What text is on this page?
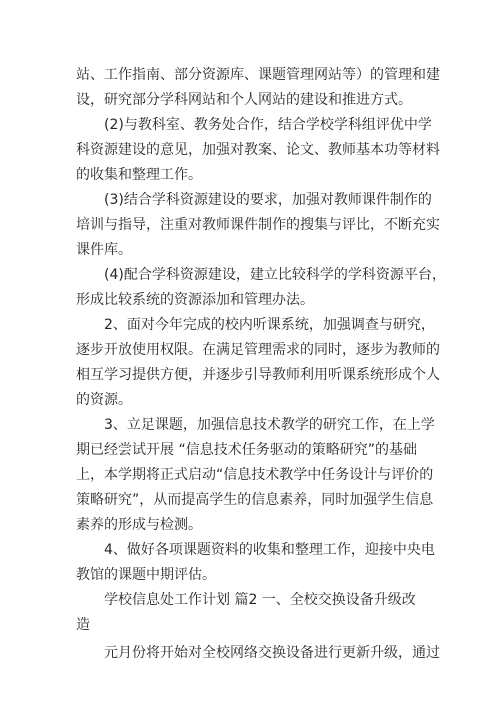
站、工作指南、部分资源库、课题管理网站等）的管理和建
设，研究部分学科网站和个人网站的建设和推进方式。
(2)与教科室、教务处合作，结合学校学科组评优中学
科资源建设的意见，加强对教案、论文、教师基本功等材料
的收集和整理工作。
(3)结合学科资源建设的要求，加强对教师课件制作的
培训与指导，注重对教师课件制作的搜集与评比，不断充实
课件库。
(4)配合学科资源建设，建立比较科学的学科资源平台，
形成比较系统的资源添加和管理办法。
2、面对今年完成的校内听课系统，加强调查与研究，
逐步开放使用权限。在满足管理需求的同时，逐步为教师的
相互学习提供方便，并逐步引导教师利用听课系统形成个人
的资源。
3、立足课题，加强信息技术教学的研究工作，在上学
期已经尝试开展 “信息技术任务驱动的策略研究”的基础
上，本学期将正式启动“信息技术教学中任务设计与评价的
策略研究”，从而提高学生的信息素养，同时加强学生信息
素养的形成与检测。
4、做好各项课题资料的收集和整理工作，迎接中央电
教馆的课题中期评估。
学校信息处工作计划 篇2 一、全校交换设备升级改
造
元月份将开始对全校网络交换设备进行更新升级，通过
